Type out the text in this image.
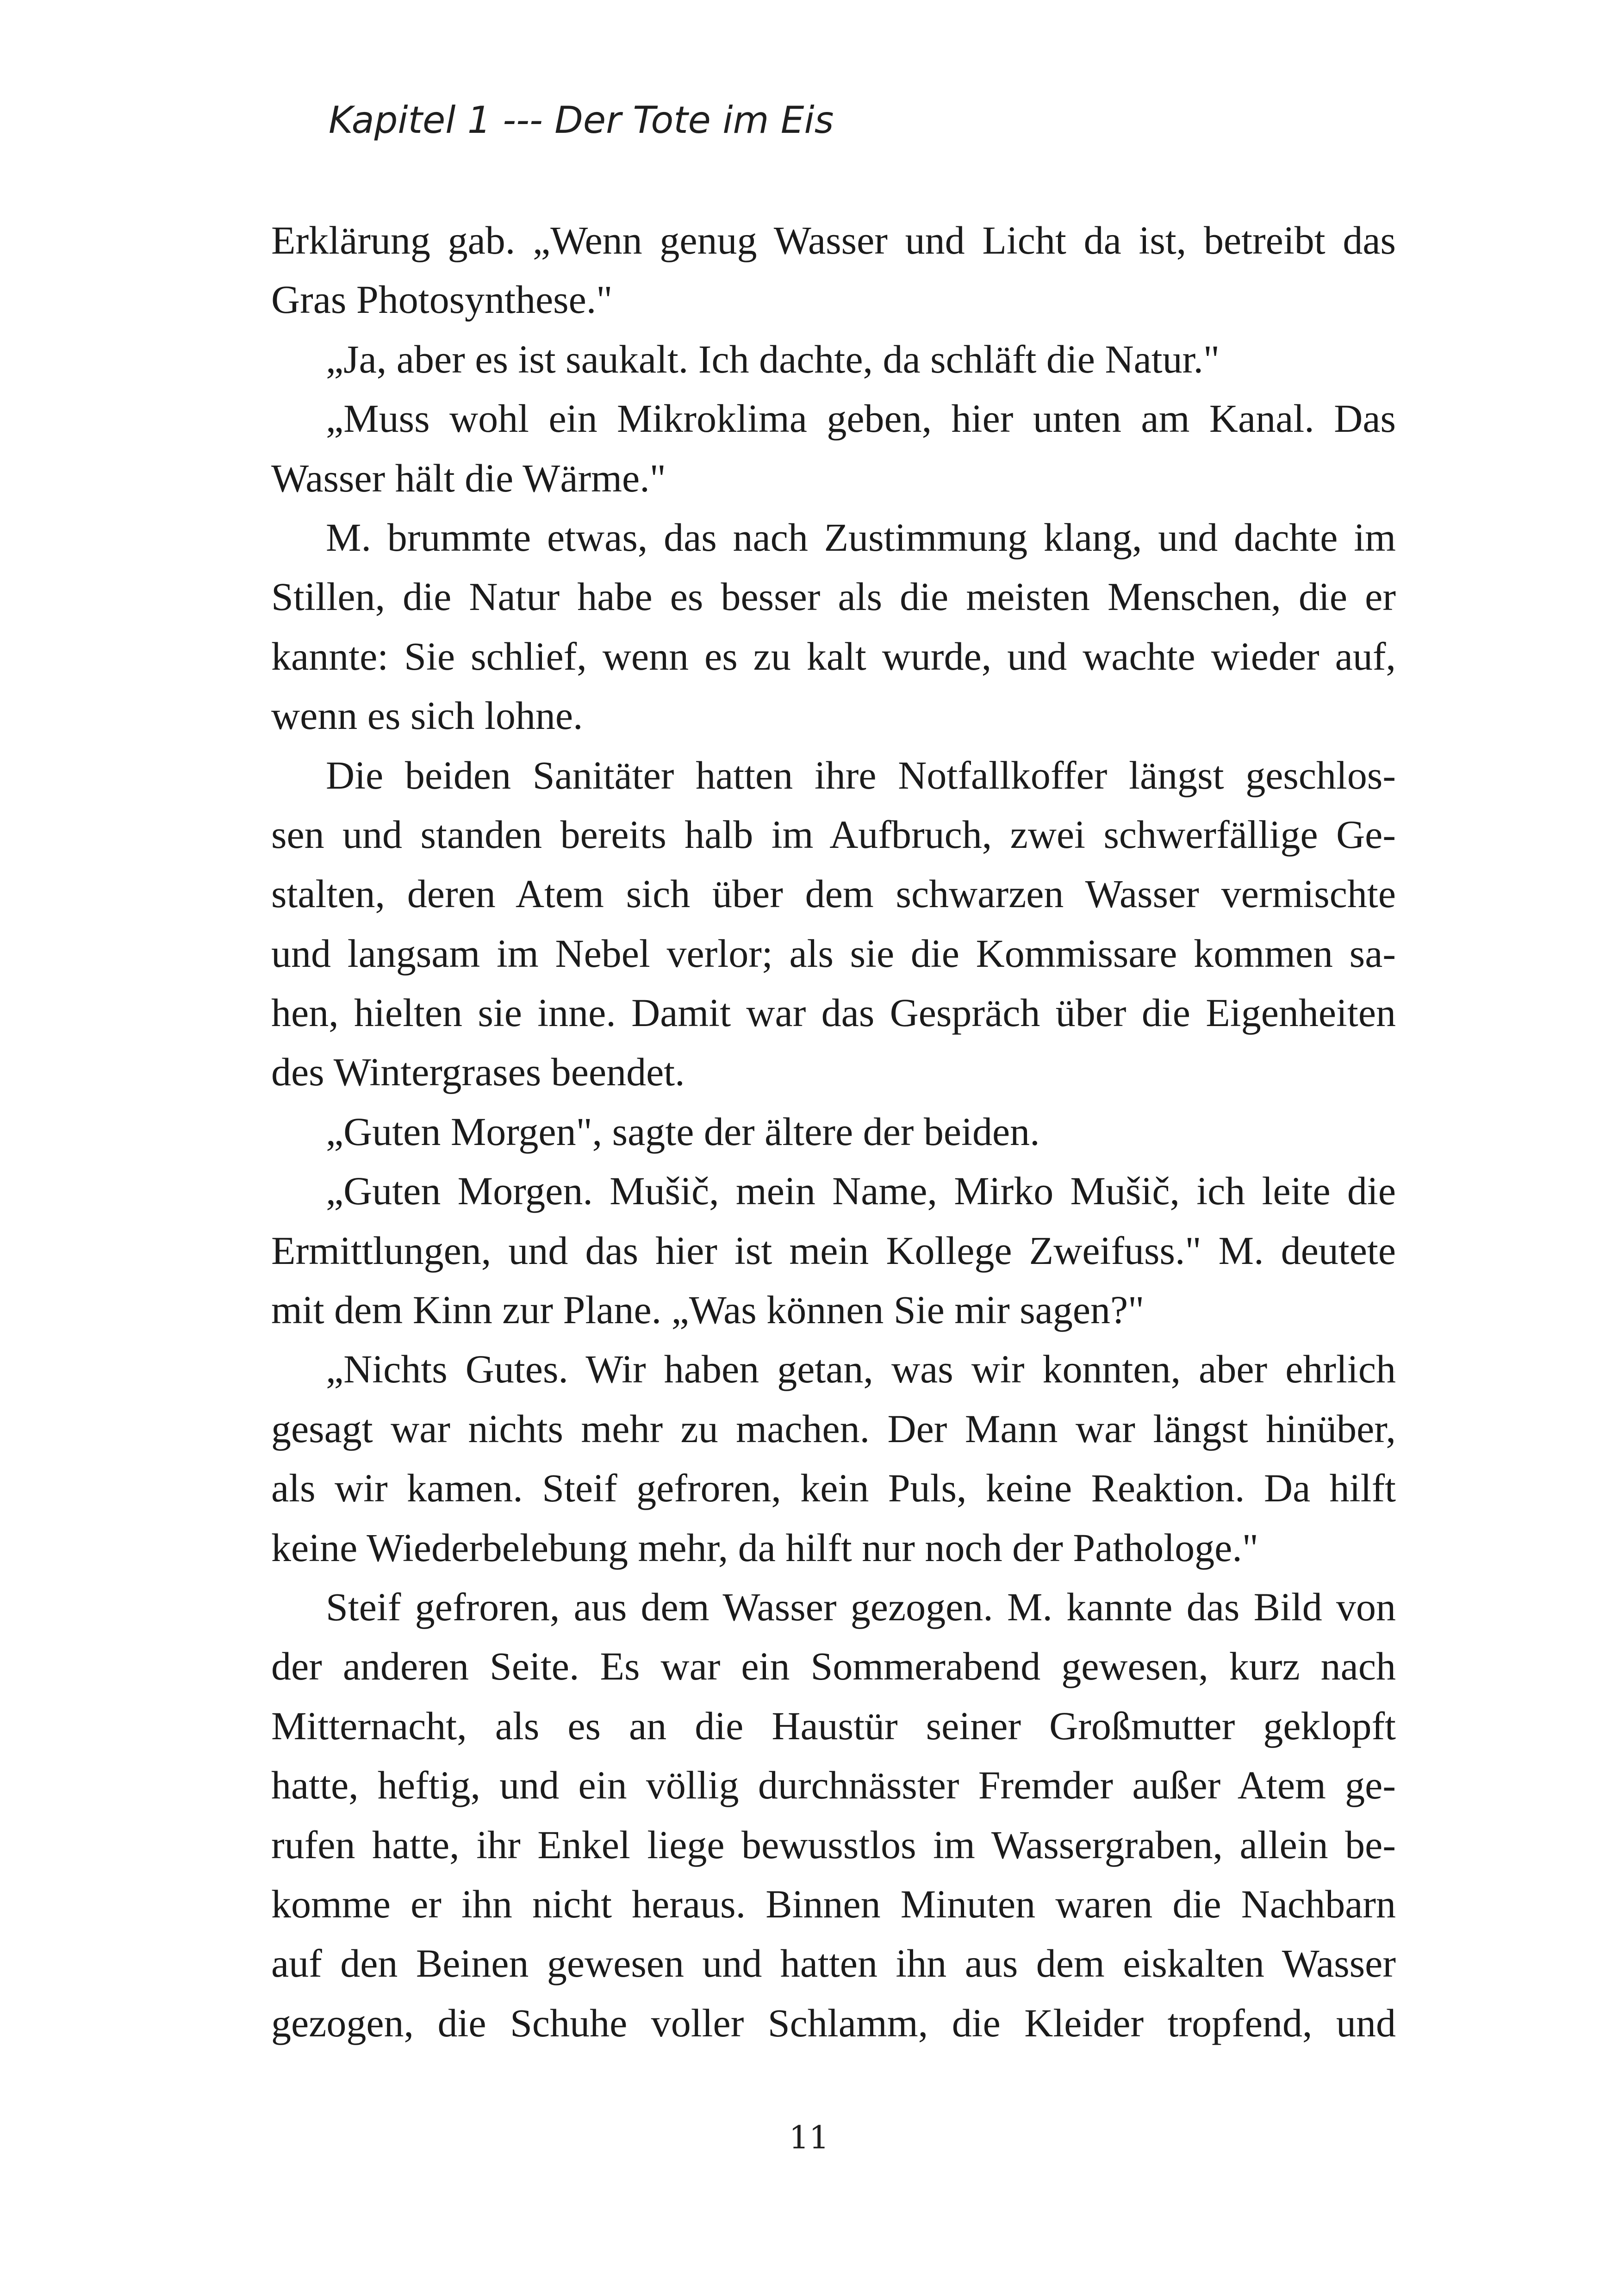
Kapitel 1 --- Der Tote im Eis
Erklärung gab. „Wenn genug Wasser und Licht da ist, betreibt das
Gras Photosynthese."
„Ja, aber es ist saukalt. Ich dachte, da schläft die Natur."
„Muss wohl ein Mikroklima geben, hier unten am Kanal. Das
Wasser hält die Wärme."
M. brummte etwas, das nach Zustimmung klang, und dachte im
Stillen, die Natur habe es besser als die meisten Menschen, die er
kannte: Sie schlief, wenn es zu kalt wurde, und wachte wieder auf,
wenn es sich lohne.
Die beiden Sanitäter hatten ihre Notfallkoffer längst geschlos-
sen und standen bereits halb im Aufbruch, zwei schwerfällige Ge-
stalten, deren Atem sich über dem schwarzen Wasser vermischte
und langsam im Nebel verlor; als sie die Kommissare kommen sa-
hen, hielten sie inne. Damit war das Gespräch über die Eigenheiten
des Wintergrases beendet.
„Guten Morgen", sagte der ältere der beiden.
„Guten Morgen. Mušič, mein Name, Mirko Mušič, ich leite die
Ermittlungen, und das hier ist mein Kollege Zweifuss." M. deutete
mit dem Kinn zur Plane. „Was können Sie mir sagen?"
„Nichts Gutes. Wir haben getan, was wir konnten, aber ehrlich
gesagt war nichts mehr zu machen. Der Mann war längst hinüber,
als wir kamen. Steif gefroren, kein Puls, keine Reaktion. Da hilft
keine Wiederbelebung mehr, da hilft nur noch der Pathologe."
Steif gefroren, aus dem Wasser gezogen. M. kannte das Bild von
der anderen Seite. Es war ein Sommerabend gewesen, kurz nach
Mitternacht, als es an die Haustür seiner Großmutter geklopft
hatte, heftig, und ein völlig durchnässter Fremder außer Atem ge-
rufen hatte, ihr Enkel liege bewusstlos im Wassergraben, allein be-
komme er ihn nicht heraus. Binnen Minuten waren die Nachbarn
auf den Beinen gewesen und hatten ihn aus dem eiskalten Wasser
gezogen, die Schuhe voller Schlamm, die Kleider tropfend, und
11
